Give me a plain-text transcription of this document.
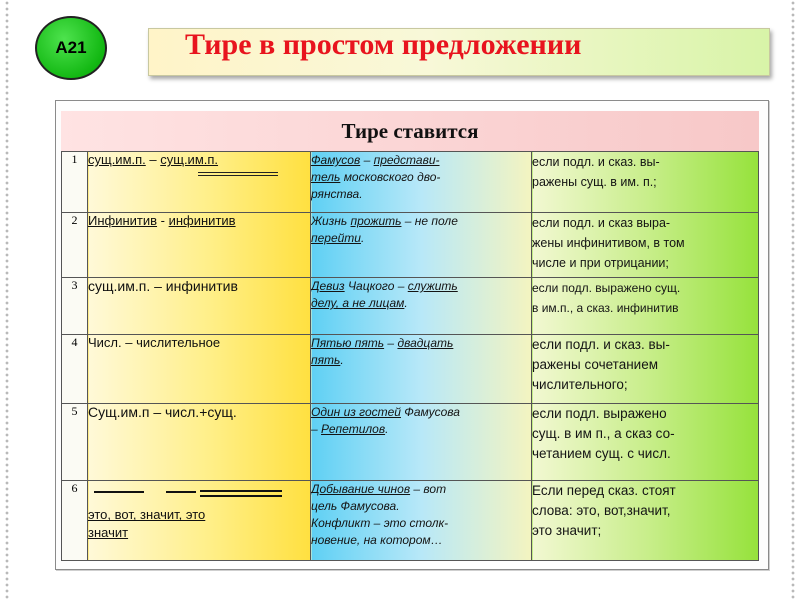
А21	Тире в простом предложении
Тире ставится
1	сущ.им.п. – сущ.им.п.	Фамусов – представи-
тель московского дво-
рянства.	если подл. и сказ. вы-
ражены сущ. в им. п.;
2	Инфинитив - инфинитив	Жизнь прожить – не поле
перейти.	если подл. и сказ выра-
жены инфинитивом, в том
числе и при отрицании;
3	сущ.им.п. – инфинитив	Девиз Чацкого – служить
делу, а не лицам.	если подл. выражено сущ.
в им.п., а сказ. инфинитив
4	Числ. – числительное	Пятью пять – двадцать
пять.	если подл. и сказ. вы-
ражены сочетанием
числительного;
5	Сущ.им.п – числ.+сущ.	Один из гостей Фамусова
– Репетилов.	если подл. выражено
сущ. в им п., а сказ со-
четанием сущ. с числ.
6	это, вот, значит, это
значит	Добывание чинов – вот
цель Фамусова.
Конфликт – это столк-
новение, на котором…	Если перед сказ. стоят
слова: это, вот,значит,
это значит;
